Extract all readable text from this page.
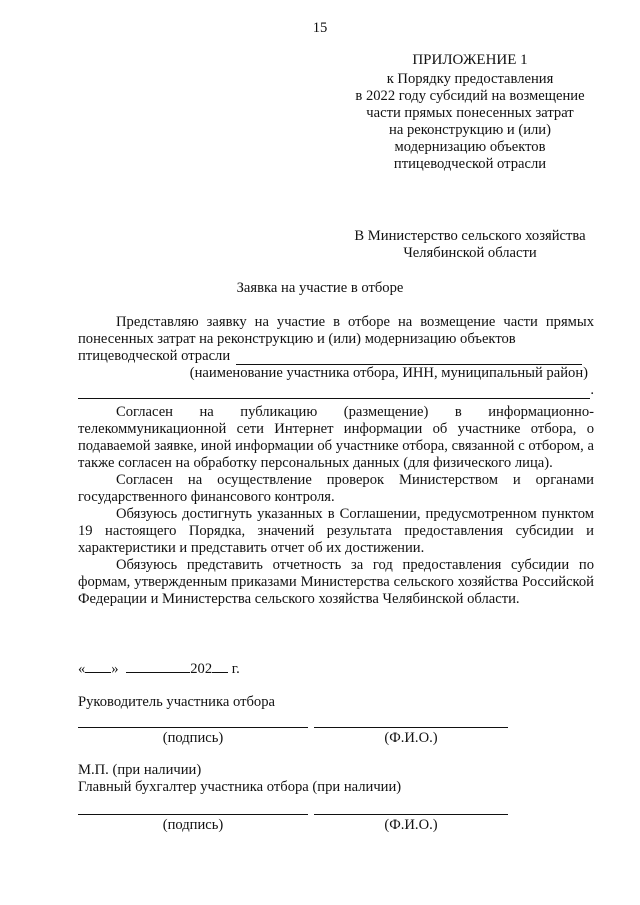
15
ПРИЛОЖЕНИЕ 1
к Порядку предоставления
в 2022 году субсидий на возмещение
части прямых понесенных затрат
на реконструкцию и (или)
модернизацию объектов
птицеводческой отрасли
В Министерство сельского хозяйства
Челябинской области
Заявка на участие в отборе

Представляю заявку на участие в отборе на возмещение части прямых понесенных затрат на реконструкцию и (или) модернизацию объектов

птицеводческой отрасли
(наименование участника отбора, ИНН, муниципальный район)
.

Согласен на публикацию (размещение) в информационно-телекоммуникационной сети Интернет информации об участнике отбора, о подаваемой заявке, иной информации об участнике отбора, связанной с отбором, а также согласен на обработку персональных данных (для физического лица).

Согласен на осуществление проверок Министерством и органами государственного финансового контроля.

Обязуюсь достигнуть указанных в Соглашении, предусмотренном пунктом 19 настоящего Порядка, значений результата предоставления субсидии и характеристики и представить отчет об их достижении.

Обязуюсь представить отчетность за год предоставления субсидии по формам, утвержденным приказами Министерства сельского хозяйства Российской Федерации и Министерства сельского хозяйства Челябинской области.

« »	202 г.
Руководитель участника отбора
(подпись)	(Ф.И.О.)
М.П. (при наличии)
Главный бухгалтер участника отбора (при наличии)
(подпись)	(Ф.И.О.)
